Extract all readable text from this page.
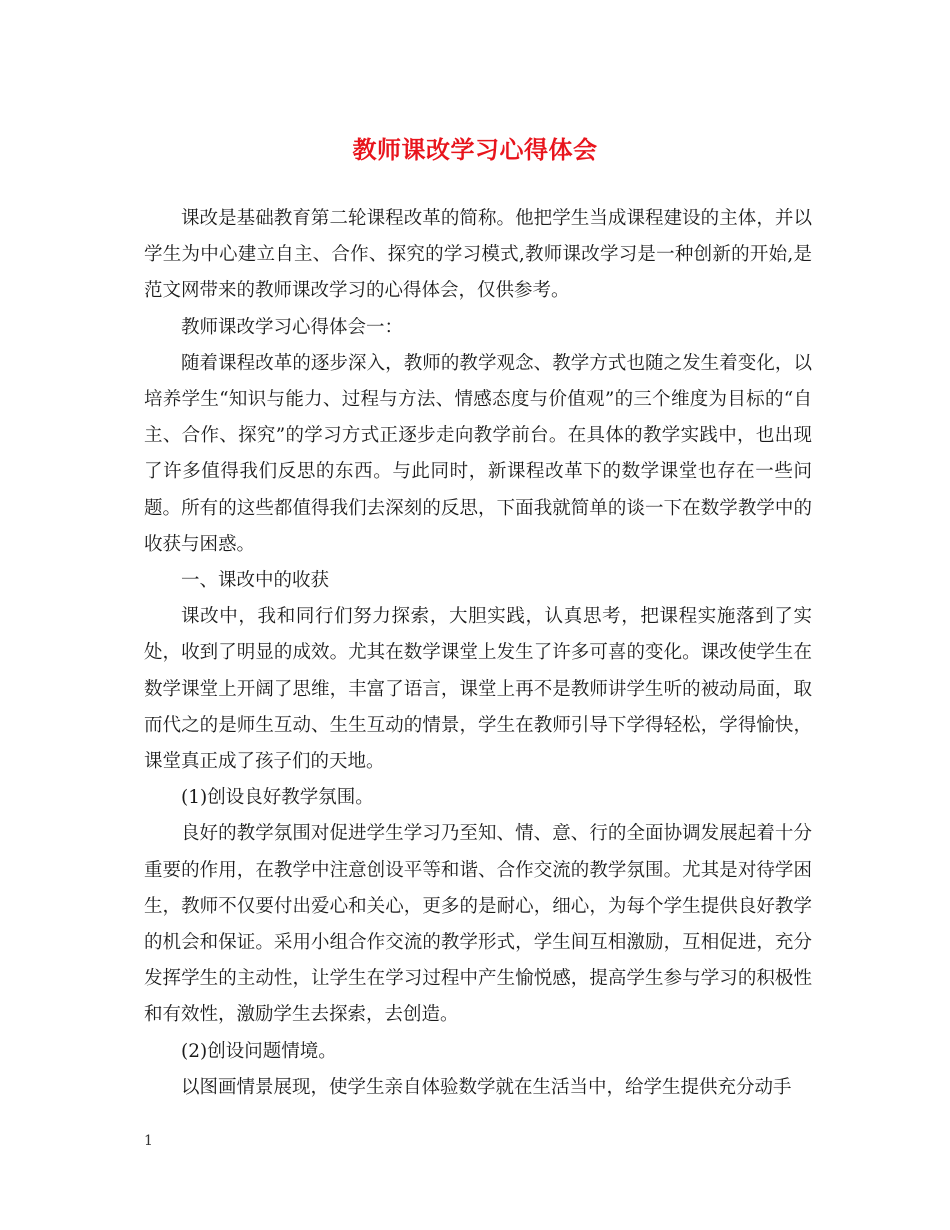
教师课改学习心得体会

课改是基础教育第二轮课程改革的简称。他把学生当成课程建设的主体，并以学生为中心建立自主、合作、探究的学习模式,教师课改学习是一种创新的开始,是范文网带来的教师课改学习的心得体会，仅供参考。

教师课改学习心得体会一：

随着课程改革的逐步深入，教师的教学观念、教学方式也随之发生着变化，以培养学生“知识与能力、过程与方法、情感态度与价值观”的三个维度为目标的“自主、合作、探究”的学习方式正逐步走向教学前台。在具体的教学实践中，也出现了许多值得我们反思的东西。与此同时，新课程改革下的数学课堂也存在一些问题。所有的这些都值得我们去深刻的反思，下面我就简单的谈一下在数学教学中的收获与困惑。

一、课改中的收获

课改中，我和同行们努力探索，大胆实践，认真思考，把课程实施落到了实处，收到了明显的成效。尤其在数学课堂上发生了许多可喜的变化。课改使学生在数学课堂上开阔了思维，丰富了语言，课堂上再不是教师讲学生听的被动局面，取而代之的是师生互动、生生互动的情景，学生在教师引导下学得轻松，学得愉快，课堂真正成了孩子们的天地。

(1)创设良好教学氛围。

良好的教学氛围对促进学生学习乃至知、情、意、行的全面协调发展起着十分重要的作用，在教学中注意创设平等和谐、合作交流的教学氛围。尤其是对待学困生，教师不仅要付出爱心和关心，更多的是耐心，细心，为每个学生提供良好教学的机会和保证。采用小组合作交流的教学形式，学生间互相激励，互相促进，充分发挥学生的主动性，让学生在学习过程中产生愉悦感，提高学生参与学习的积极性和有效性，激励学生去探索，去创造。

(2)创设问题情境。

以图画情景展现，使学生亲自体验数学就在生活当中，给学生提供充分动手

1
